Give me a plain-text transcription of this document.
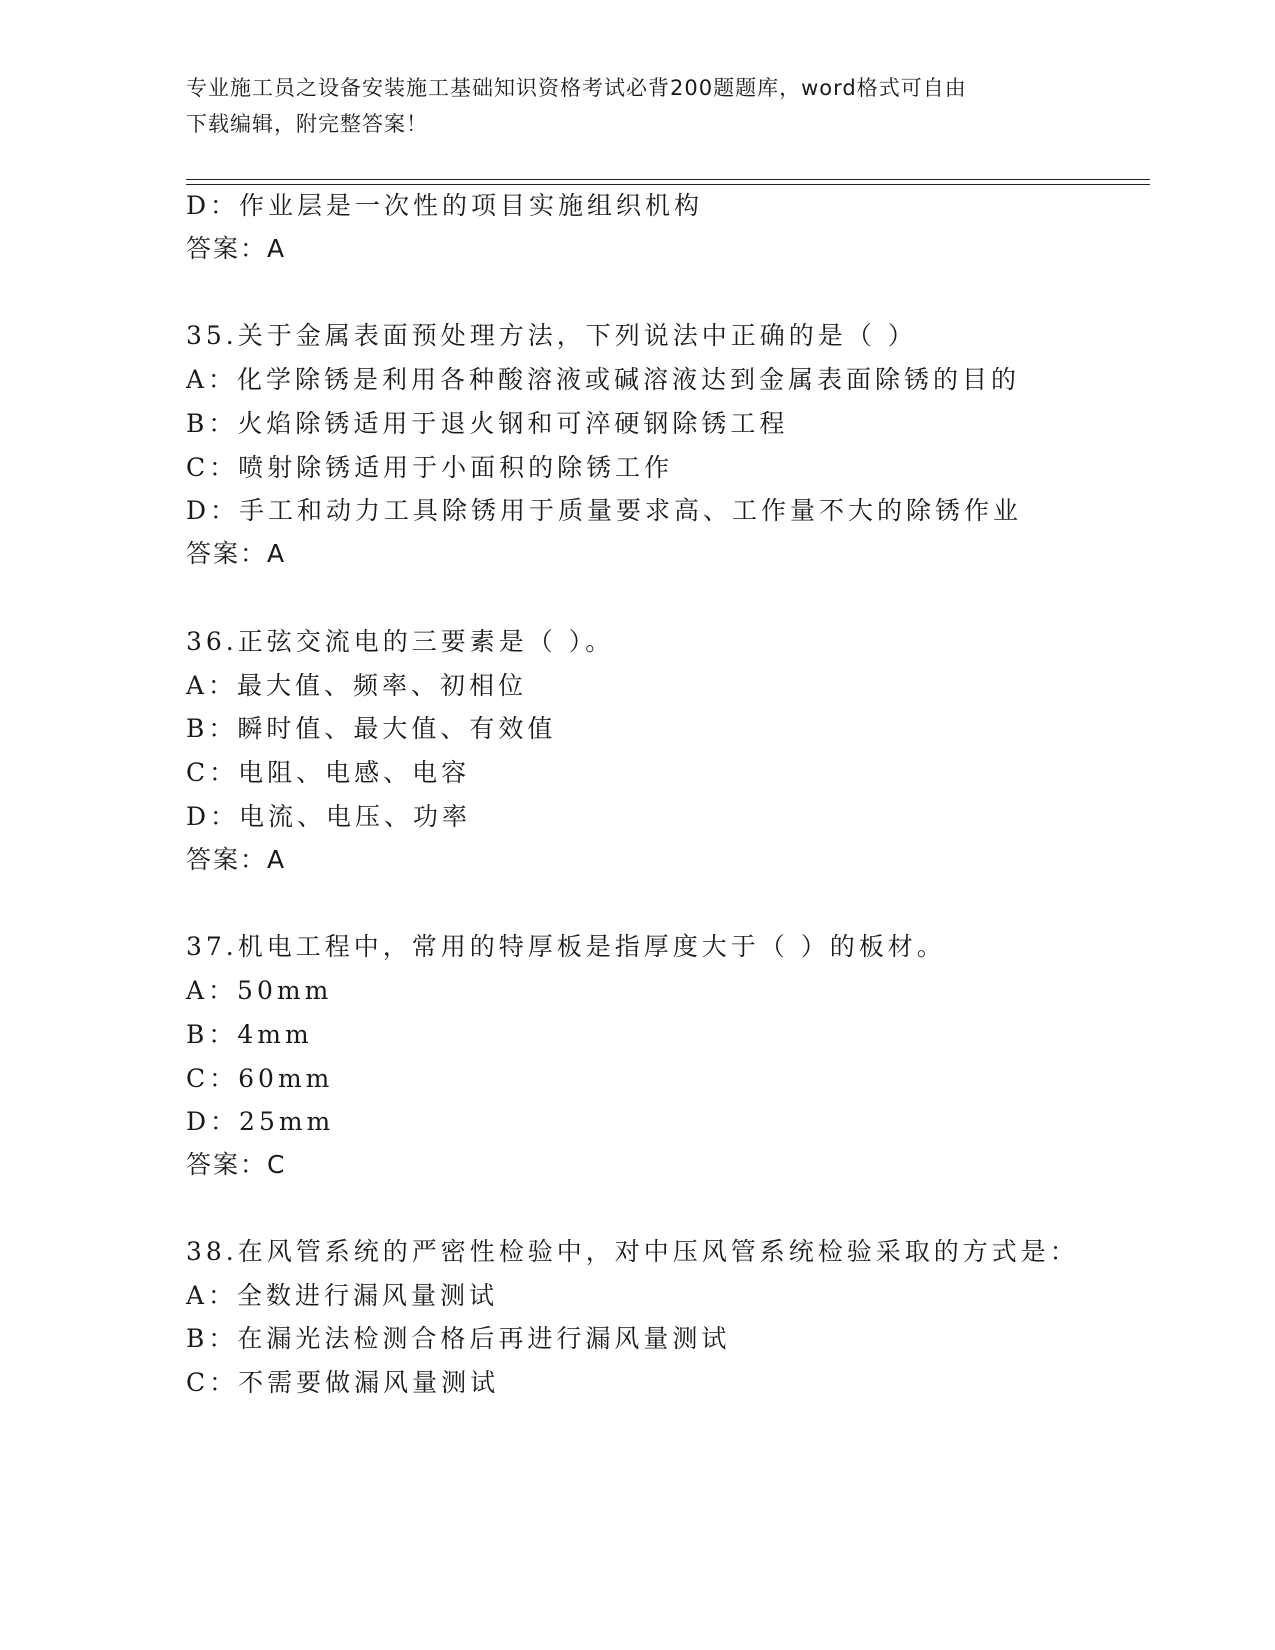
专业施工员之设备安装施工基础知识资格考试必背200题题库，word格式可自由
下载编辑，附完整答案！
D：作业层是一次性的项目实施组织机构
答案：A
35.关于金属表面预处理方法，下列说法中正确的是（ ）
A：化学除锈是利用各种酸溶液或碱溶液达到金属表面除锈的目的
B：火焰除锈适用于退火钢和可淬硬钢除锈工程
C：喷射除锈适用于小面积的除锈工作
D：手工和动力工具除锈用于质量要求高、工作量不大的除锈作业
答案：A
36.正弦交流电的三要素是（ ）。
A：最大值、频率、初相位
B：瞬时值、最大值、有效值
C：电阻、电感、电容
D：电流、电压、功率
答案：A
37.机电工程中，常用的特厚板是指厚度大于（ ）的板材。
A：50mm
B：4mm
C：60mm
D：25mm
答案：C
38.在风管系统的严密性检验中，对中压风管系统检验采取的方式是：
A：全数进行漏风量测试
B：在漏光法检测合格后再进行漏风量测试
C：不需要做漏风量测试
